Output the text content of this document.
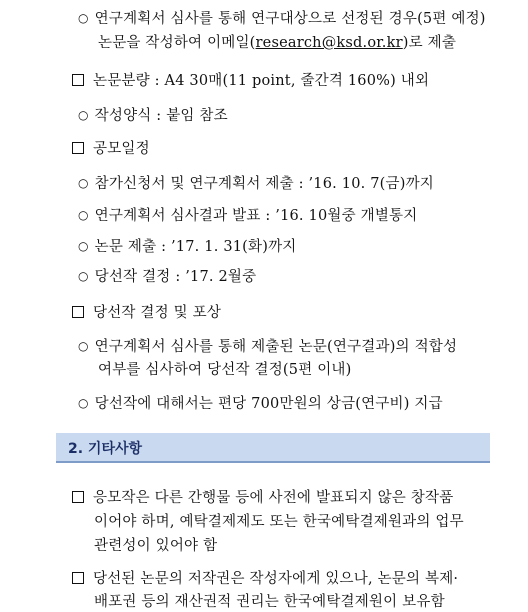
○ 연구계획서 심사를 통해 연구대상으로 선정된 경우(5편 예정)
논문을 작성하여 이메일(research@ksd.or.kr)로 제출
논문분량 : A4 30매(11 point, 줄간격 160%) 내외
○ 작성양식 : 붙임 참조
공모일정
○ 참가신청서 및 연구계획서 제출 : ’16. 10. 7(금)까지
○ 연구계획서 심사결과 발표 : ’16. 10월중 개별통지
○ 논문 제출 : ’17. 1. 31(화)까지
○ 당선작 결정 : ’17. 2월중
당선작 결정 및 포상
○ 연구계획서 심사를 통해 제출된 논문(연구결과)의 적합성
여부를 심사하여 당선작 결정(5편 이내)
○ 당선작에 대해서는 편당 700만원의 상금(연구비) 지급
2. 기타사항
응모작은 다른 간행물 등에 사전에 발표되지 않은 창작품
이어야 하며, 예탁결제제도 또는 한국예탁결제원과의 업무
관련성이 있어야 함
당선된 논문의 저작권은 작성자에게 있으나, 논문의 복제·
배포권 등의 재산권적 권리는 한국예탁결제원이 보유함
